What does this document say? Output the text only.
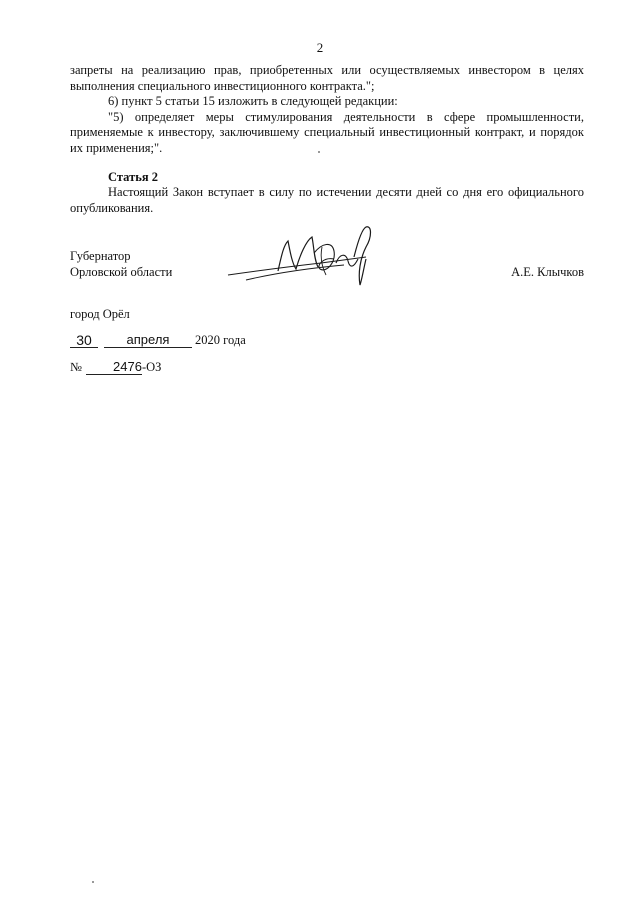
2

запреты на реализацию прав, приобретенных или осуществляемых инвестором в целях выполнения специального инвестиционного контракта.";

6) пункт 5 статьи 15 изложить в следующей редакции:

"5) определяет меры стимулирования деятельности в сфере промышленности, применяемые к инвестору, заключившему специальный инвестиционный контракт, и порядок их применения;".

Статья 2

Настоящий Закон вступает в силу по истечении десяти дней со дня его официального опубликования.

Губернатор
Орловской области	А.Е. Клычков
город Орёл
30	апреля	2020 года
№	2476 -ОЗ
